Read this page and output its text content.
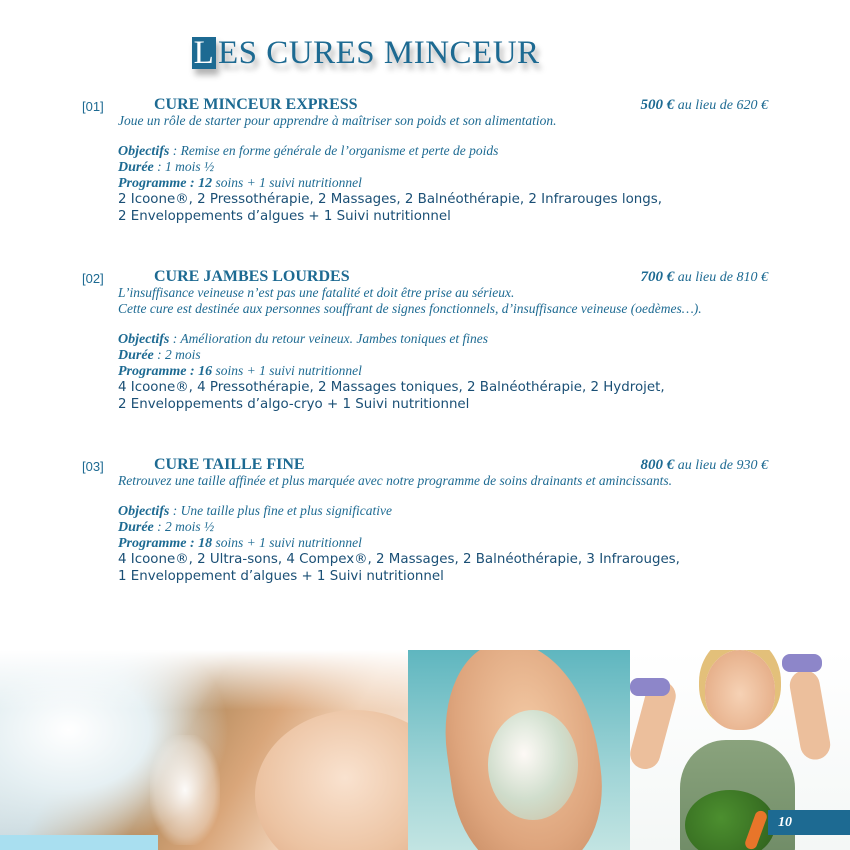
L ES CURES MINCEUR
[01]	CURE MINCEUR EXPRESS	500 € au lieu de 620 €
Joue un rôle de starter pour apprendre à maîtriser son poids et son alimentation.
Objectifs : Remise en forme générale de l’organisme et perte de poids
Durée : 1 mois ½
Programme : 12 soins + 1 suivi nutritionnel
2 Icoone®, 2 Pressothérapie, 2 Massages, 2 Balnéothérapie, 2 Infrarouges longs,
2 Enveloppements d’algues + 1 Suivi nutritionnel
[02]	CURE JAMBES LOURDES	700 € au lieu de 810 €
L’insuffisance veineuse n’est pas une fatalité et doit être prise au sérieux.
Cette cure est destinée aux personnes souffrant de signes fonctionnels, d’insuffisance veineuse (oedèmes…).
Objectifs : Amélioration du retour veineux. Jambes toniques et fines
Durée : 2 mois
Programme : 16 soins + 1 suivi nutritionnel
4 Icoone®, 4 Pressothérapie, 2 Massages toniques, 2 Balnéothérapie, 2 Hydrojet,
2 Enveloppements d’algo-cryo + 1 Suivi nutritionnel
[03]	CURE TAILLE FINE	800 € au lieu de 930 €
Retrouvez une taille affinée et plus marquée avec notre programme de soins drainants et amincissants.
Objectifs : Une taille plus fine et plus significative
Durée : 2 mois ½
Programme : 18 soins + 1 suivi nutritionnel
4 Icoone®, 2 Ultra-sons, 4 Compex®, 2 Massages, 2 Balnéothérapie, 3 Infrarouges,
1 Enveloppement d’algues + 1 Suivi nutritionnel
10
